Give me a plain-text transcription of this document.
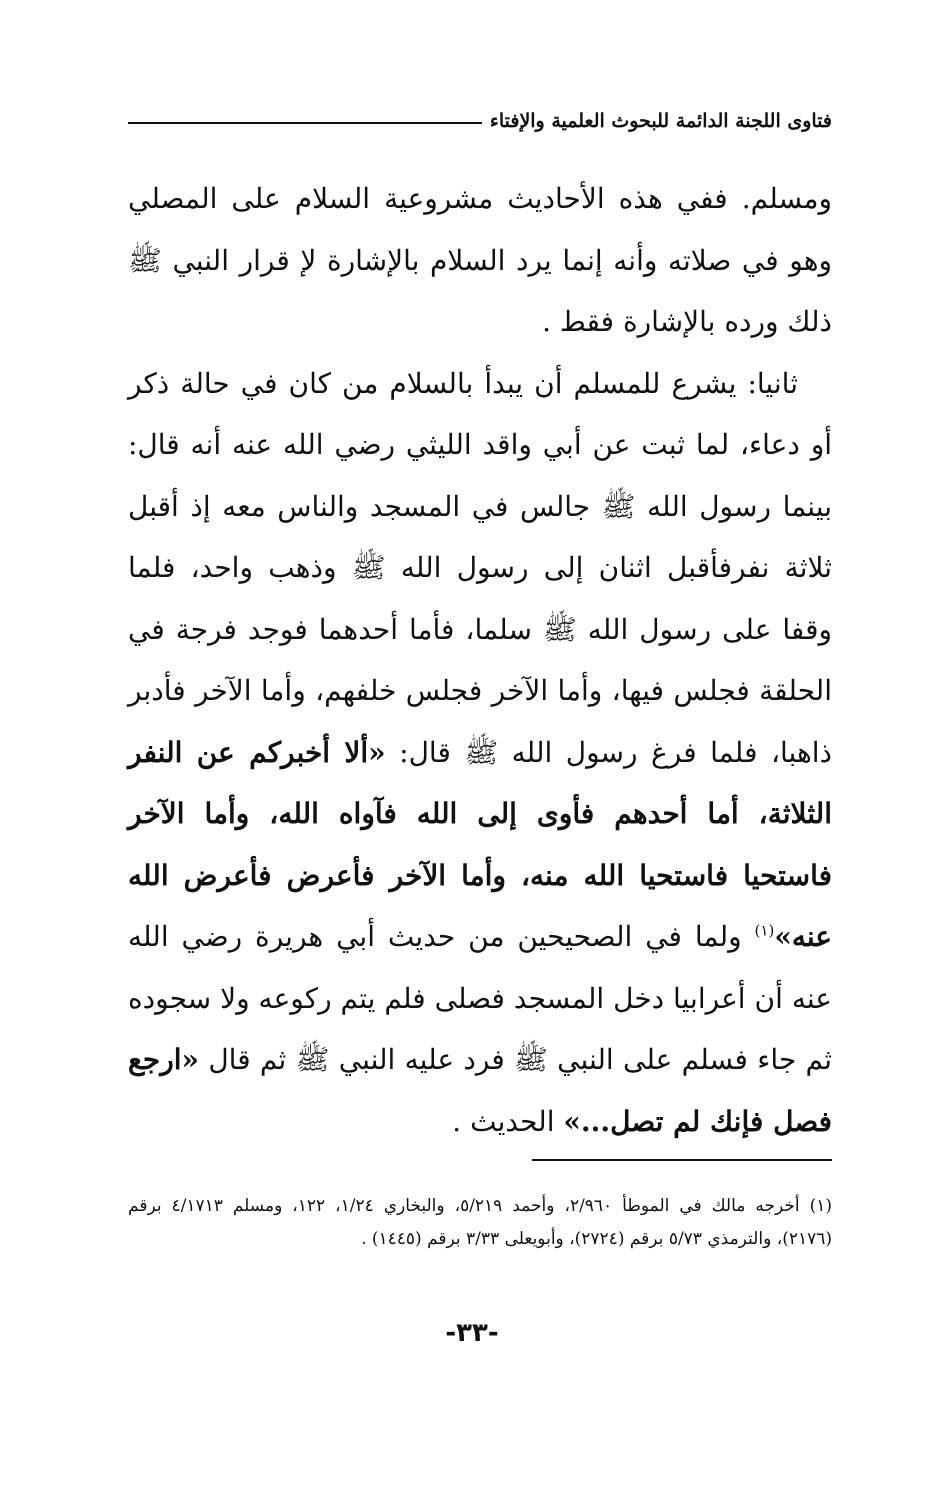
فتاوى اللجنة الدائمة للبحوث العلمية والإفتاء

ومسلم. ففي هذه الأحاديث مشروعية السلام على المصلي وهو في صلاته وأنه إنما يرد السلام بالإشارة لإ قرار النبي ﷺ ذلك ورده بالإشارة فقط .

ثانيا: يشرع للمسلم أن يبدأ بالسلام من كان في حالة ذكر أو دعاء، لما ثبت عن أبي واقد الليثي رضي الله عنه أنه قال: بينما رسول الله ﷺ جالس في المسجد والناس معه إذ أقبل ثلاثة نفرفأقبل اثنان إلى رسول الله ﷺ وذهب واحد، فلما وقفا على رسول الله ﷺ سلما، فأما أحدهما فوجد فرجة في الحلقة فجلس فيها، وأما الآخر فجلس خلفهم، وأما الآخر فأدبر ذاهبا، فلما فرغ رسول الله ﷺ قال: «ألا أخبركم عن النفر الثلاثة، أما أحدهم فأوى إلى الله فآواه الله، وأما الآخر فاستحيا فاستحيا الله منه، وأما الآخر فأعرض فأعرض الله عنه»$^{(١)}$ ولما في الصحيحين من حديث أبي هريرة رضي الله عنه أن أعرابيا دخل المسجد فصلى فلم يتم ركوعه ولا سجوده ثم جاء فسلم على النبي ﷺ فرد عليه النبي ﷺ ثم قال «ارجع فصل فإنك لم تصل...» الحديث .

(١) أخرجه مالك في الموطأ ٢/٩٦٠، وأحمد ٥/٢١٩، والبخاري ١/٢٤، ١٢٢، ومسلم ٤/١٧١٣ برقم (٢١٧٦)، والترمذي ٥/٧٣ برقم (٢٧٢٤)، وأبويعلى ٣/٣٣ برقم (١٤٤٥) .

-٣٣-
